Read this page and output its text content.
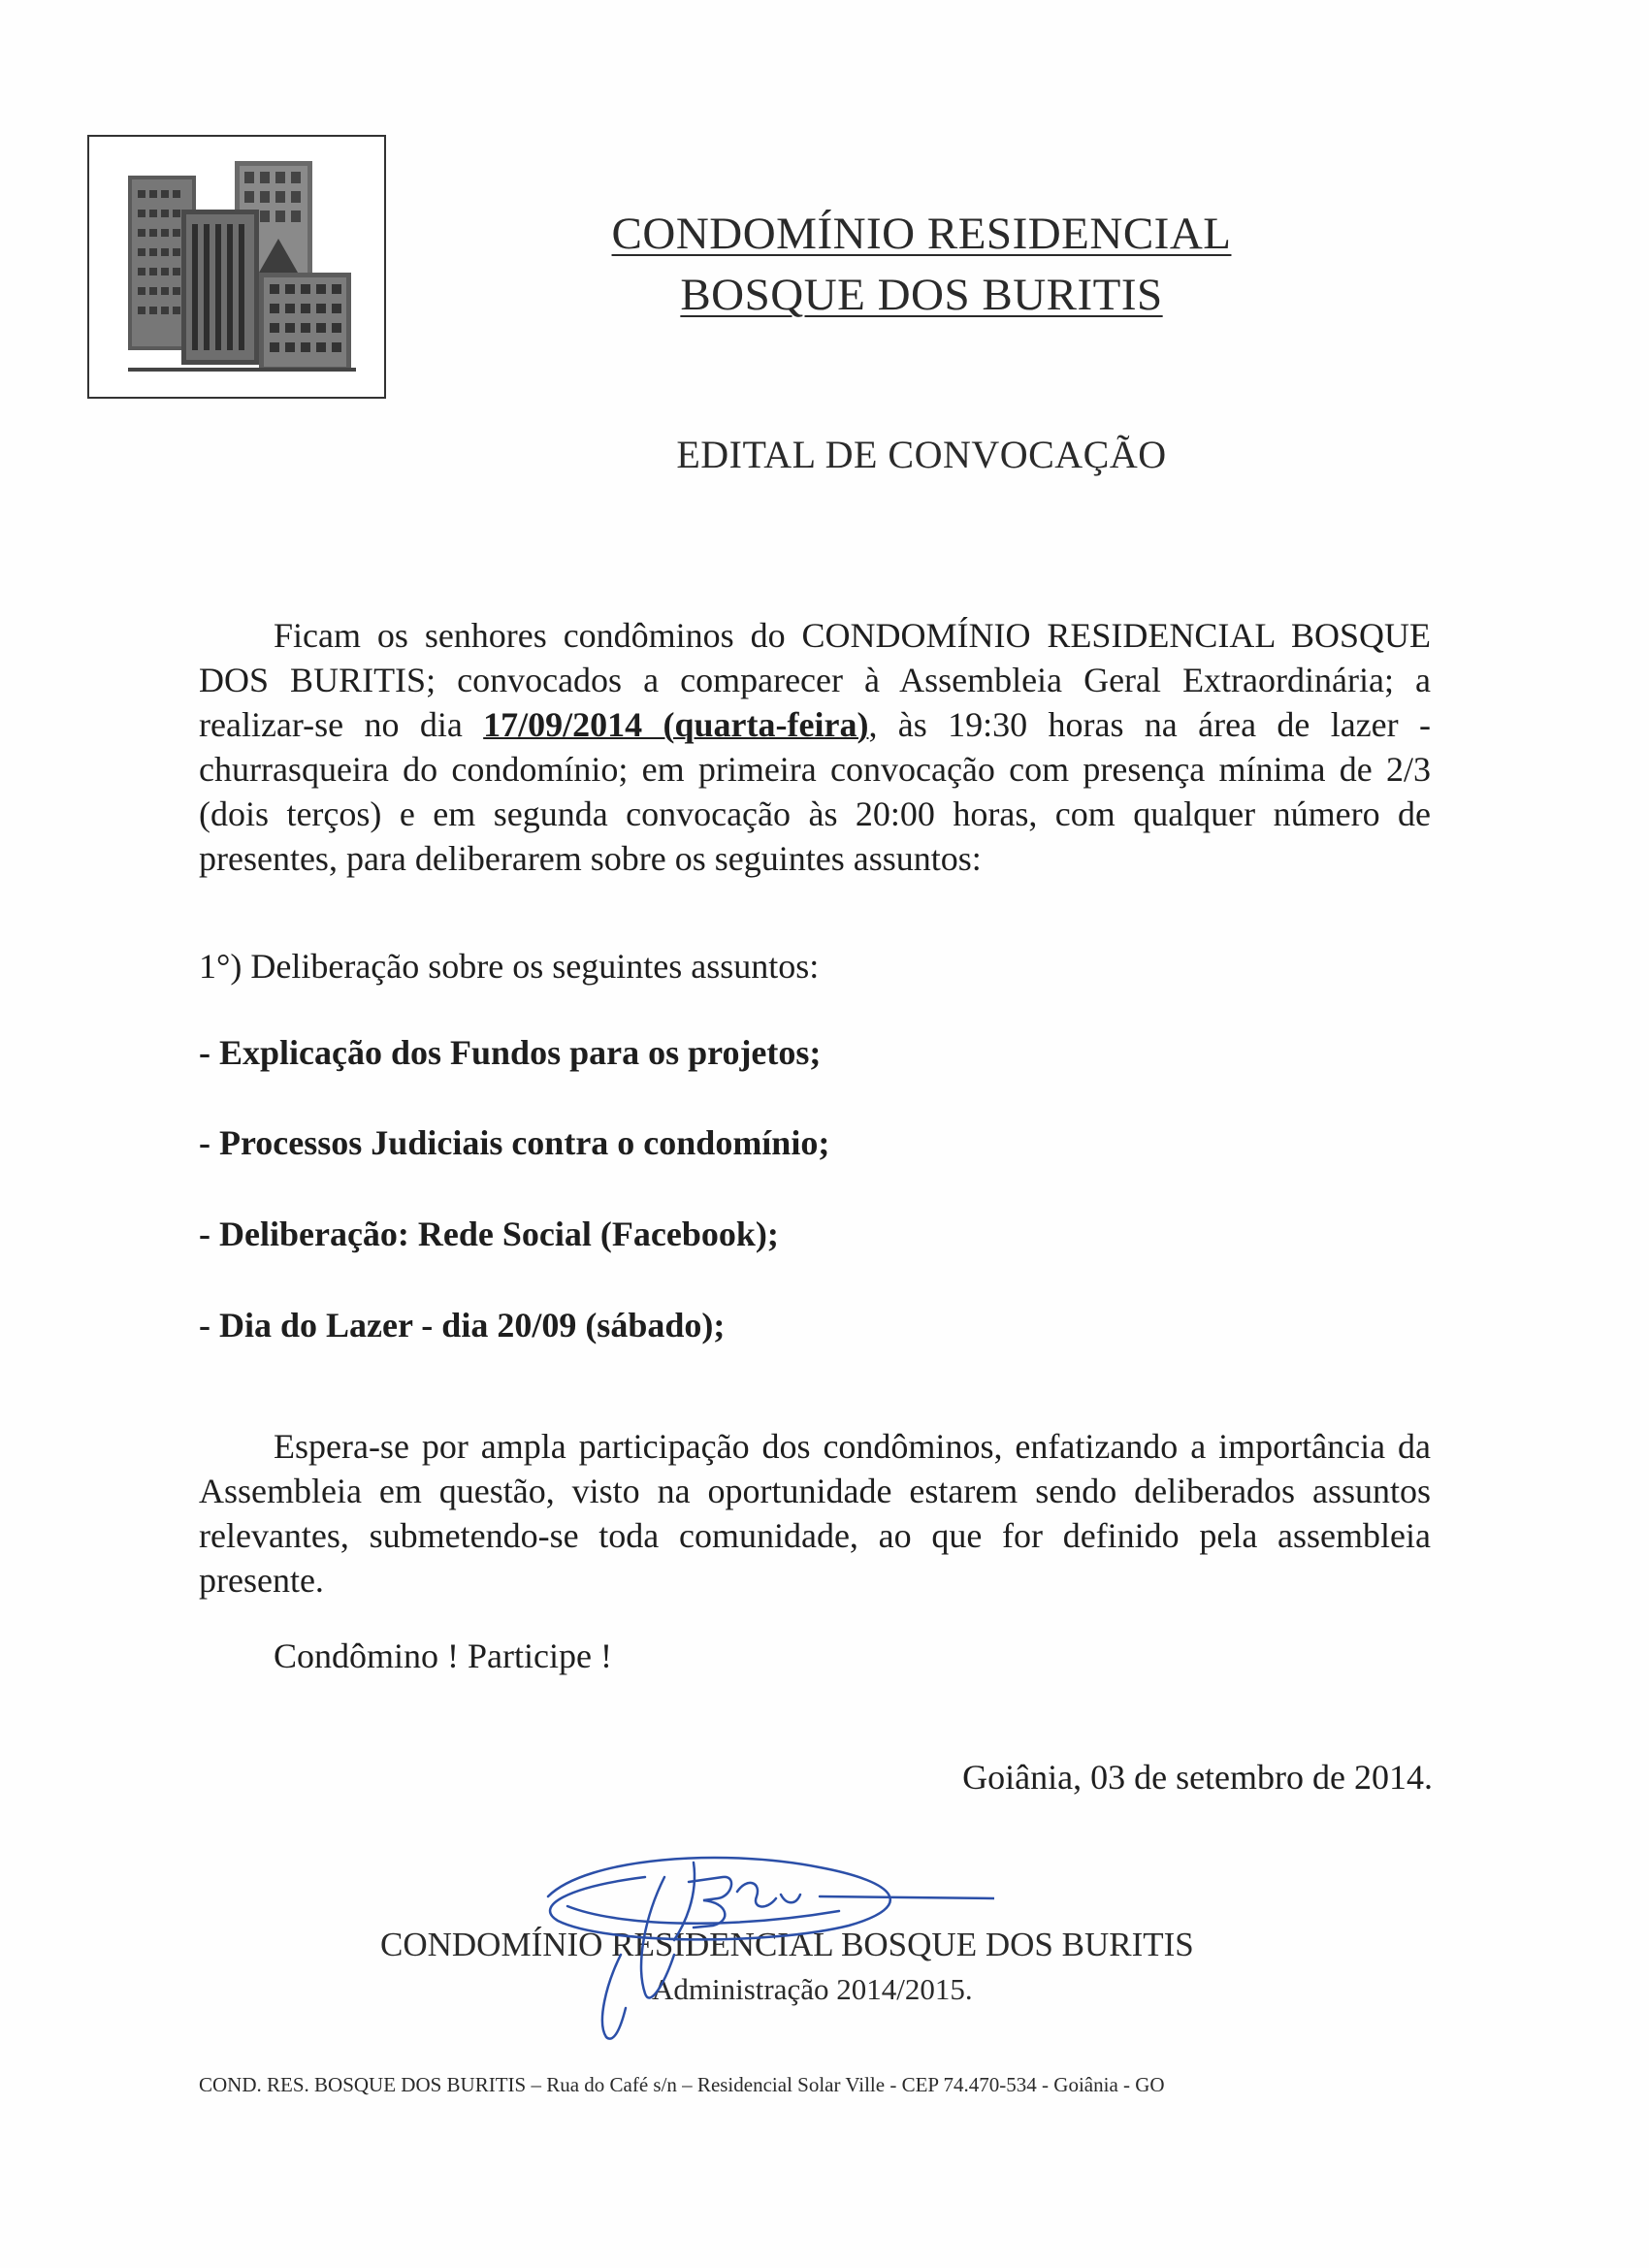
CONDOMÍNIO RESIDENCIAL
BOSQUE DOS BURITIS
EDITAL DE CONVOCAÇÃO
Ficam os senhores condôminos do CONDOMÍNIO RESIDENCIAL BOSQUE DOS BURITIS; convocados a comparecer à Assembleia Geral Extraordinária; a realizar-se no dia 17/09/2014 (quarta-feira), às 19:30 horas na área de lazer - churrasqueira do condomínio; em primeira convocação com presença mínima de 2/3 (dois terços) e em segunda convocação às 20:00 horas, com qualquer número de presentes, para deliberarem sobre os seguintes assuntos:
1°) Deliberação sobre os seguintes assuntos:
- Explicação dos Fundos para os projetos;
- Processos Judiciais contra o condomínio;
- Deliberação: Rede Social (Facebook);
- Dia do Lazer - dia 20/09 (sábado);
Espera-se por ampla participação dos condôminos, enfatizando a importância da Assembleia em questão, visto na oportunidade estarem sendo deliberados assuntos relevantes, submetendo-se toda comunidade, ao que for definido pela assembleia presente.
Condômino ! Participe !
Goiânia, 03 de setembro de 2014.
CONDOMÍNIO RESIDENCIAL BOSQUE DOS BURITIS
Administração 2014/2015.
COND. RES. BOSQUE DOS BURITIS – Rua do Café s/n – Residencial Solar Ville - CEP 74.470-534 - Goiânia - GO
